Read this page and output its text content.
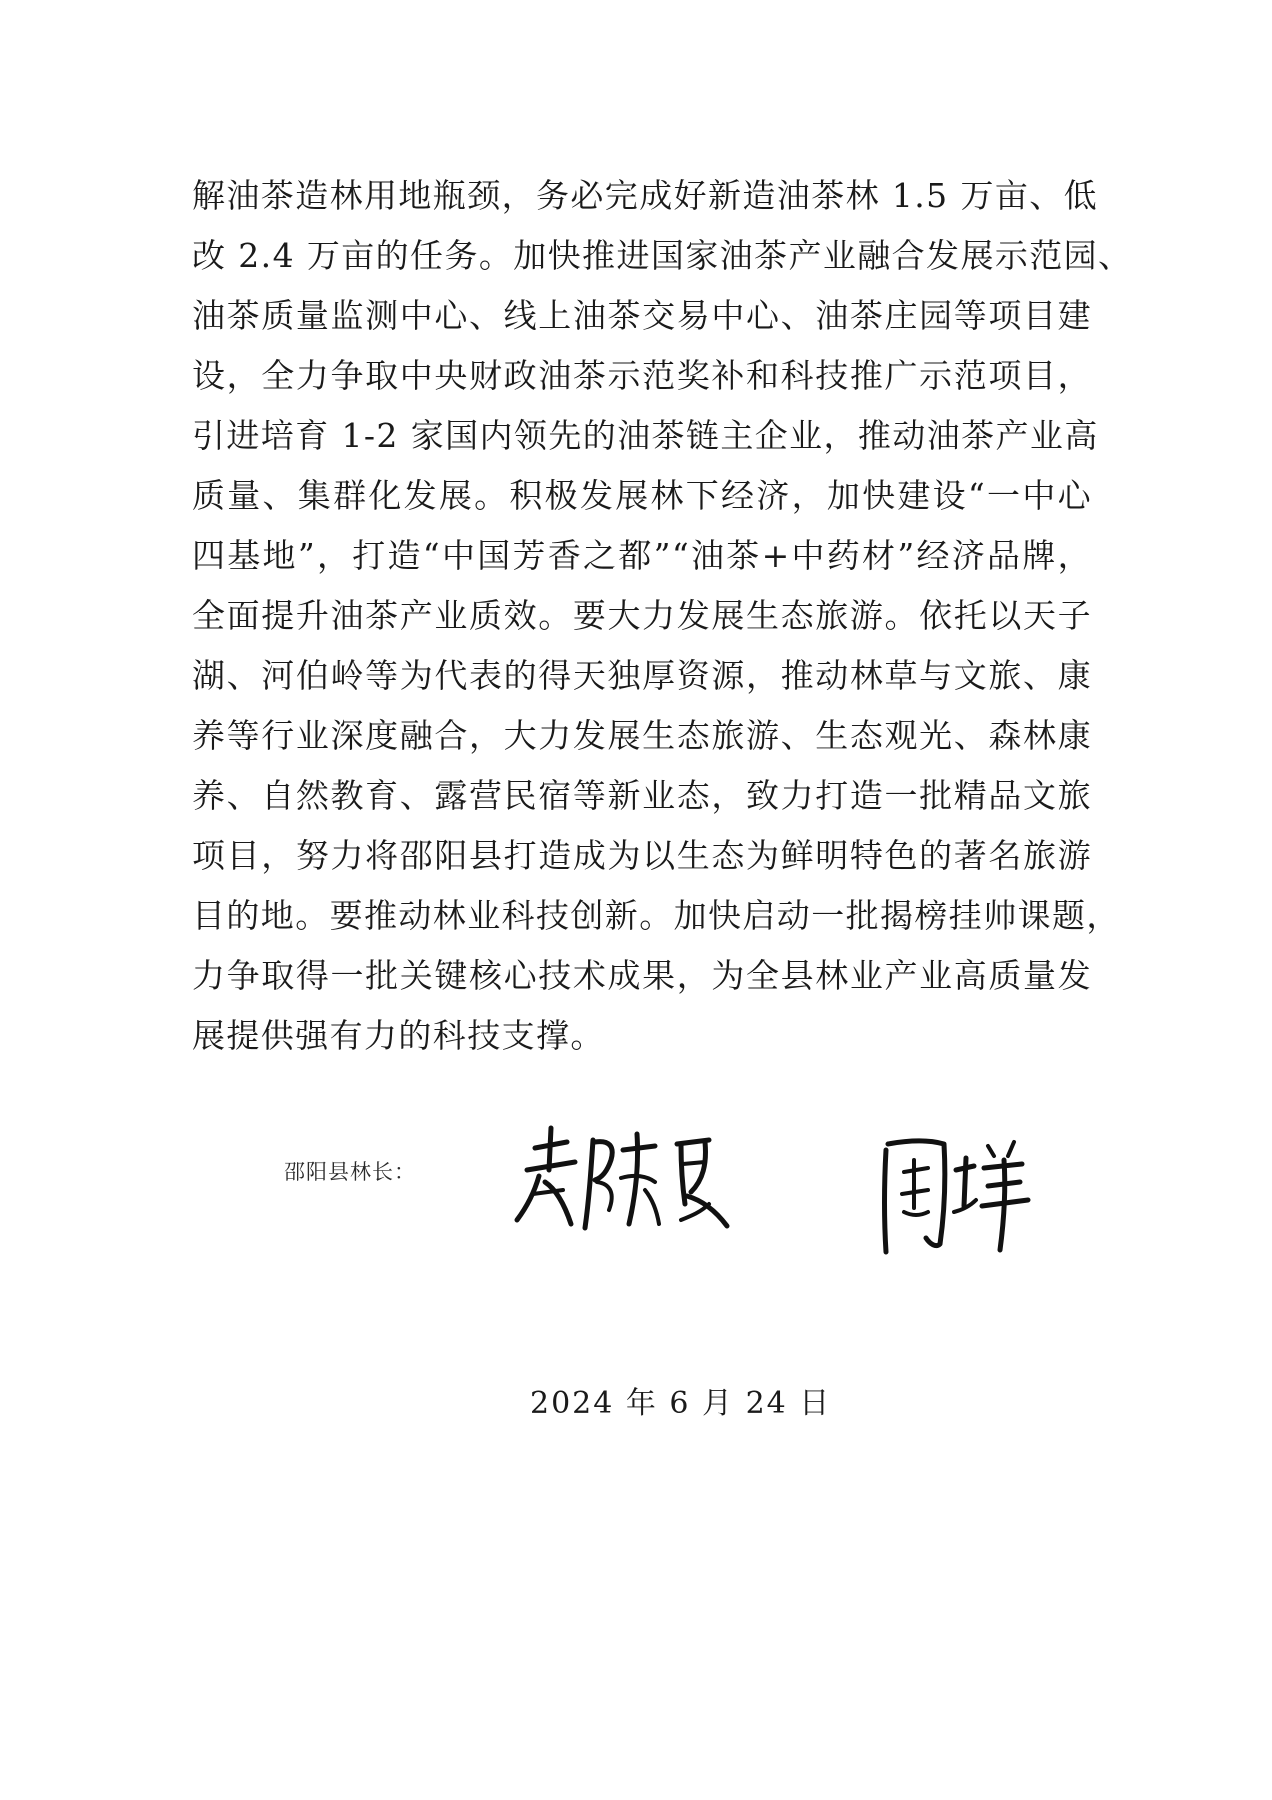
解油茶造林用地瓶颈，务必完成好新造油茶林 1.5 万亩、低
改 2.4 万亩的任务。加快推进国家油茶产业融合发展示范园、
油茶质量监测中心、线上油茶交易中心、油茶庄园等项目建
设，全力争取中央财政油茶示范奖补和科技推广示范项目，
引进培育 1-2 家国内领先的油茶链主企业，推动油茶产业高
质量、集群化发展。积极发展林下经济，加快建设“一中心
四基地”，打造“中国芳香之都”“油茶+中药材”经济品牌，
全面提升油茶产业质效。要大力发展生态旅游。依托以天子
湖、河伯岭等为代表的得天独厚资源，推动林草与文旅、康
养等行业深度融合，大力发展生态旅游、生态观光、森林康
养、自然教育、露营民宿等新业态，致力打造一批精品文旅
项目，努力将邵阳县打造成为以生态为鲜明特色的著名旅游
目的地。要推动林业科技创新。加快启动一批揭榜挂帅课题，
力争取得一批关键核心技术成果，为全县林业产业高质量发
展提供强有力的科技支撑。
邵阳县林长：
2024 年 6 月 24 日
